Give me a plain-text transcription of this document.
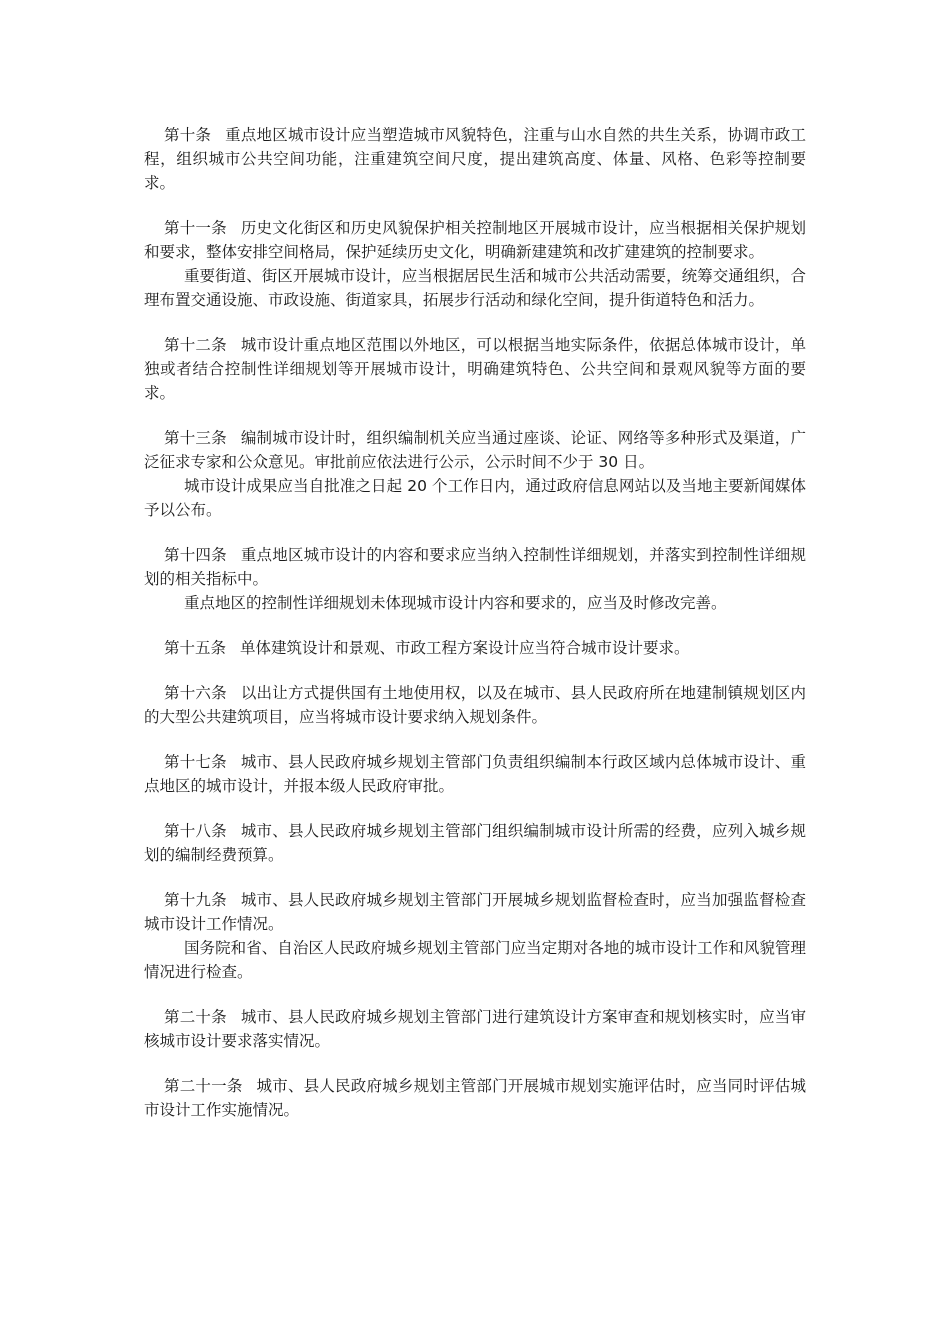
第十条 重点地区城市设计应当塑造城市风貌特色，注重与山水自然的共生关系，协调市政工程，组织城市公共空间功能，注重建筑空间尺度，提出建筑高度、体量、风格、色彩等控制要求。

第十一条 历史文化街区和历史风貌保护相关控制地区开展城市设计，应当根据相关保护规划和要求，整体安排空间格局，保护延续历史文化，明确新建建筑和改扩建建筑的控制要求。

重要街道、街区开展城市设计，应当根据居民生活和城市公共活动需要，统筹交通组织，合理布置交通设施、市政设施、街道家具，拓展步行活动和绿化空间，提升街道特色和活力。

第十二条 城市设计重点地区范围以外地区，可以根据当地实际条件，依据总体城市设计，单独或者结合控制性详细规划等开展城市设计，明确建筑特色、公共空间和景观风貌等方面的要求。

第十三条 编制城市设计时，组织编制机关应当通过座谈、论证、网络等多种形式及渠道，广泛征求专家和公众意见。审批前应依法进行公示，公示时间不少于 30 日。

城市设计成果应当自批准之日起 20 个工作日内，通过政府信息网站以及当地主要新闻媒体予以公布。

第十四条 重点地区城市设计的内容和要求应当纳入控制性详细规划，并落实到控制性详细规划的相关指标中。

重点地区的控制性详细规划未体现城市设计内容和要求的，应当及时修改完善。

第十五条 单体建筑设计和景观、市政工程方案设计应当符合城市设计要求。

第十六条 以出让方式提供国有土地使用权，以及在城市、县人民政府所在地建制镇规划区内的大型公共建筑项目，应当将城市设计要求纳入规划条件。

第十七条 城市、县人民政府城乡规划主管部门负责组织编制本行政区域内总体城市设计、重点地区的城市设计，并报本级人民政府审批。

第十八条 城市、县人民政府城乡规划主管部门组织编制城市设计所需的经费，应列入城乡规划的编制经费预算。

第十九条 城市、县人民政府城乡规划主管部门开展城乡规划监督检查时，应当加强监督检查城市设计工作情况。

国务院和省、自治区人民政府城乡规划主管部门应当定期对各地的城市设计工作和风貌管理情况进行检查。

第二十条 城市、县人民政府城乡规划主管部门进行建筑设计方案审查和规划核实时，应当审核城市设计要求落实情况。

第二十一条 城市、县人民政府城乡规划主管部门开展城市规划实施评估时，应当同时评估城市设计工作实施情况。
